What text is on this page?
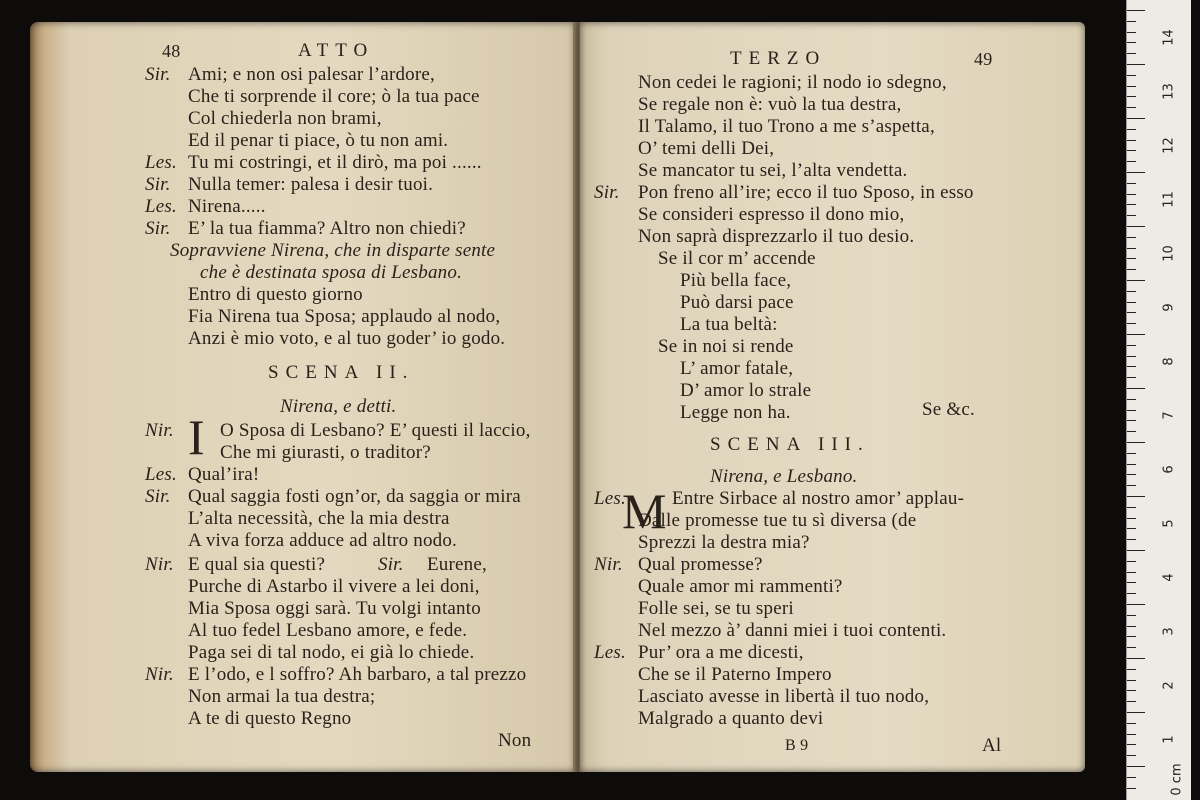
48	ATTO
Sir. Ami; e non osi palesar l’ardore,
Che ti sorprende il core; ò la tua pace
Col chiederla non brami,
Ed il penar ti piace, ò tu non ami.
Les. Tu mi costringi, et il dirò, ma poi ......
Sir. Nulla temer: palesa i desir tuoi.
Les. Nirena.....
Sir. E’ la tua fiamma? Altro non chiedi?
Sopravviene Nirena, che in disparte sente
che è destinata sposa di Lesbano.
Entro di questo giorno
Fia Nirena tua Sposa; applaudo al nodo,
Anzi è mio voto, e al tuo goder’ io godo.
SCENA II.
Nirena, e detti.
Nir. O Sposa di Lesbano? E’ questi il laccio,
Che mi giurasti, o traditor?
Les. Qual’ira!
Sir. Qual saggia fosti ogn’or, da saggia or mira
L’alta necessità, che la mia destra
A viva forza adduce ad altro nodo.
Nir. E qual sia questi?
Purche di Astarbo il vivere a lei doni,
Mia Sposa oggi sarà. Tu volgi intanto
Al tuo fedel Lesbano amore, e fede.
Paga sei di tal nodo, ei già lo chiede.
Nir. E l’odo, e l soffro? Ah barbaro, a tal prezzo
Non armai la tua destra;
A te di questo Regno
Sir. Eurene,
I
Non
TERZO	49
Non cedei le ragioni; il nodo io sdegno,
Se regale non è: vuò la tua destra,
Il Talamo, il tuo Trono a me s’aspetta,
O’ temi delli Dei,
Se mancator tu sei, l’alta vendetta.
Sir. Pon freno all’ire; ecco il tuo Sposo, in esso
Se consideri espresso il dono mio,
Non saprà disprezzarlo il tuo desio.
Se il cor m’ accende
Più bella face,
Può darsi pace
La tua beltà:
Se in noi si rende
L’ amor fatale,
D’ amor lo strale
Legge non ha.
SCENA III.
Nirena, e Lesbano.
Les. Entre Sirbace al nostro amor’ applau-
Dalle promesse tue tu sì diversa (de
Sprezzi la destra mia?
Nir. Qual promesse?
Quale amor mi rammenti?
Folle sei, se tu speri
Nel mezzo à’ danni miei i tuoi contenti.
Les. Pur’ ora a me dicesti,
Che se il Paterno Impero
Lasciato avesse in libertà il tuo nodo,
Malgrado a quanto devi
Se &c.
M
B 9	Al
14
13
12
11
10
9
8
7
6
5
4
3
2
1
0 cm
